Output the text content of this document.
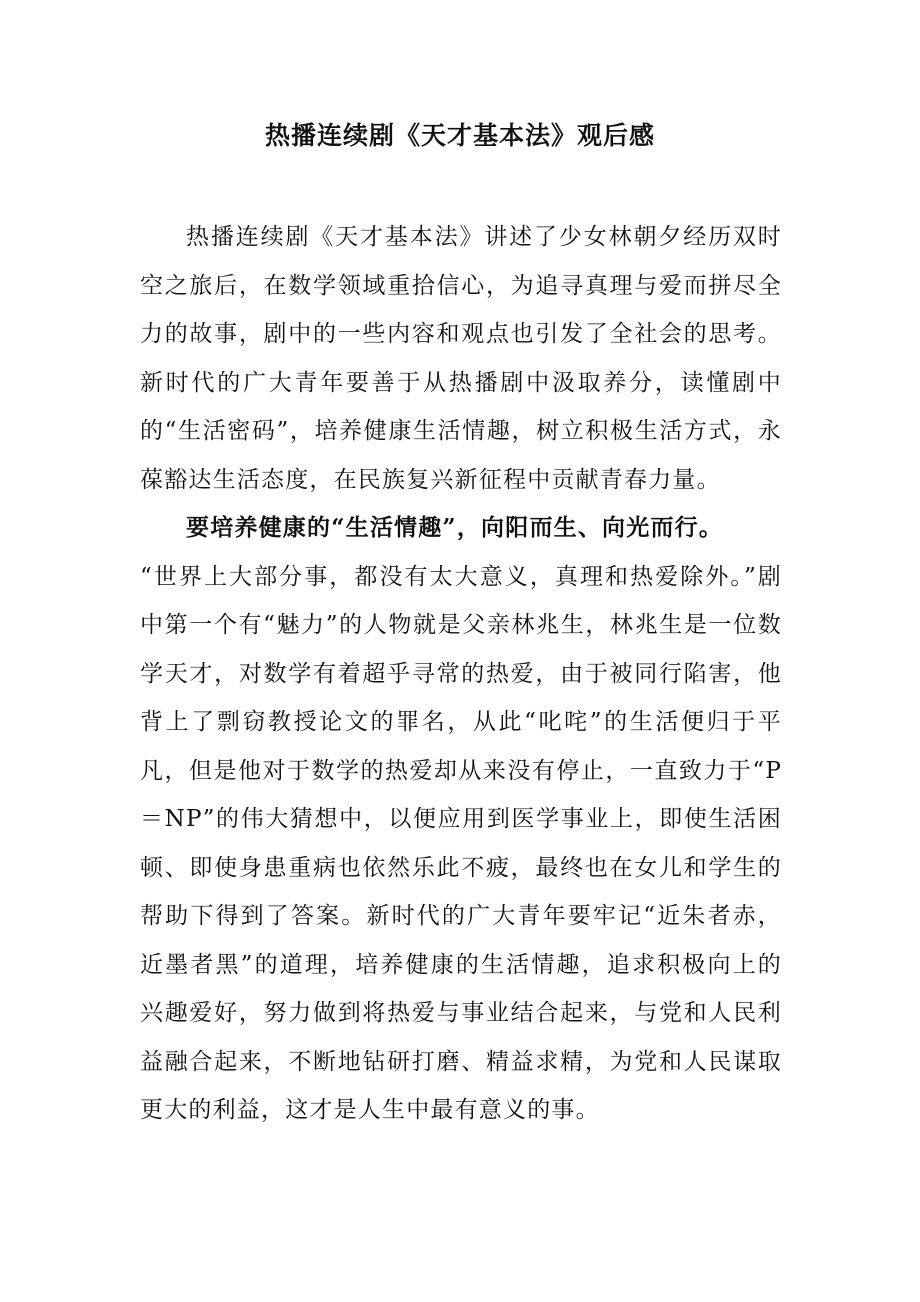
热播连续剧《天才基本法》观后感

热播连续剧《天才基本法》讲述了少女林朝夕经历双时空之旅后，在数学领域重拾信心，为追寻真理与爱而拼尽全力的故事，剧中的一些内容和观点也引发了全社会的思考。新时代的广大青年要善于从热播剧中汲取养分，读懂剧中的“生活密码”，培养健康生活情趣，树立积极生活方式，永葆豁达生活态度，在民族复兴新征程中贡献青春力量。

要培养健康的“生活情趣”，向阳而生、向光而行。

“世界上大部分事，都没有太大意义，真理和热爱除外。”剧中第一个有“魅力”的人物就是父亲林兆生，林兆生是一位数学天才，对数学有着超乎寻常的热爱，由于被同行陷害，他背上了剽窃教授论文的罪名，从此“叱咤”的生活便归于平凡，但是他对于数学的热爱却从来没有停止，一直致力于“P＝NP”的伟大猜想中，以便应用到医学事业上，即使生活困顿、即使身患重病也依然乐此不疲，最终也在女儿和学生的帮助下得到了答案。新时代的广大青年要牢记“近朱者赤，近墨者黑”的道理，培养健康的生活情趣，追求积极向上的兴趣爱好，努力做到将热爱与事业结合起来，与党和人民利益融合起来，不断地钻研打磨、精益求精，为党和人民谋取更大的利益，这才是人生中最有意义的事。
